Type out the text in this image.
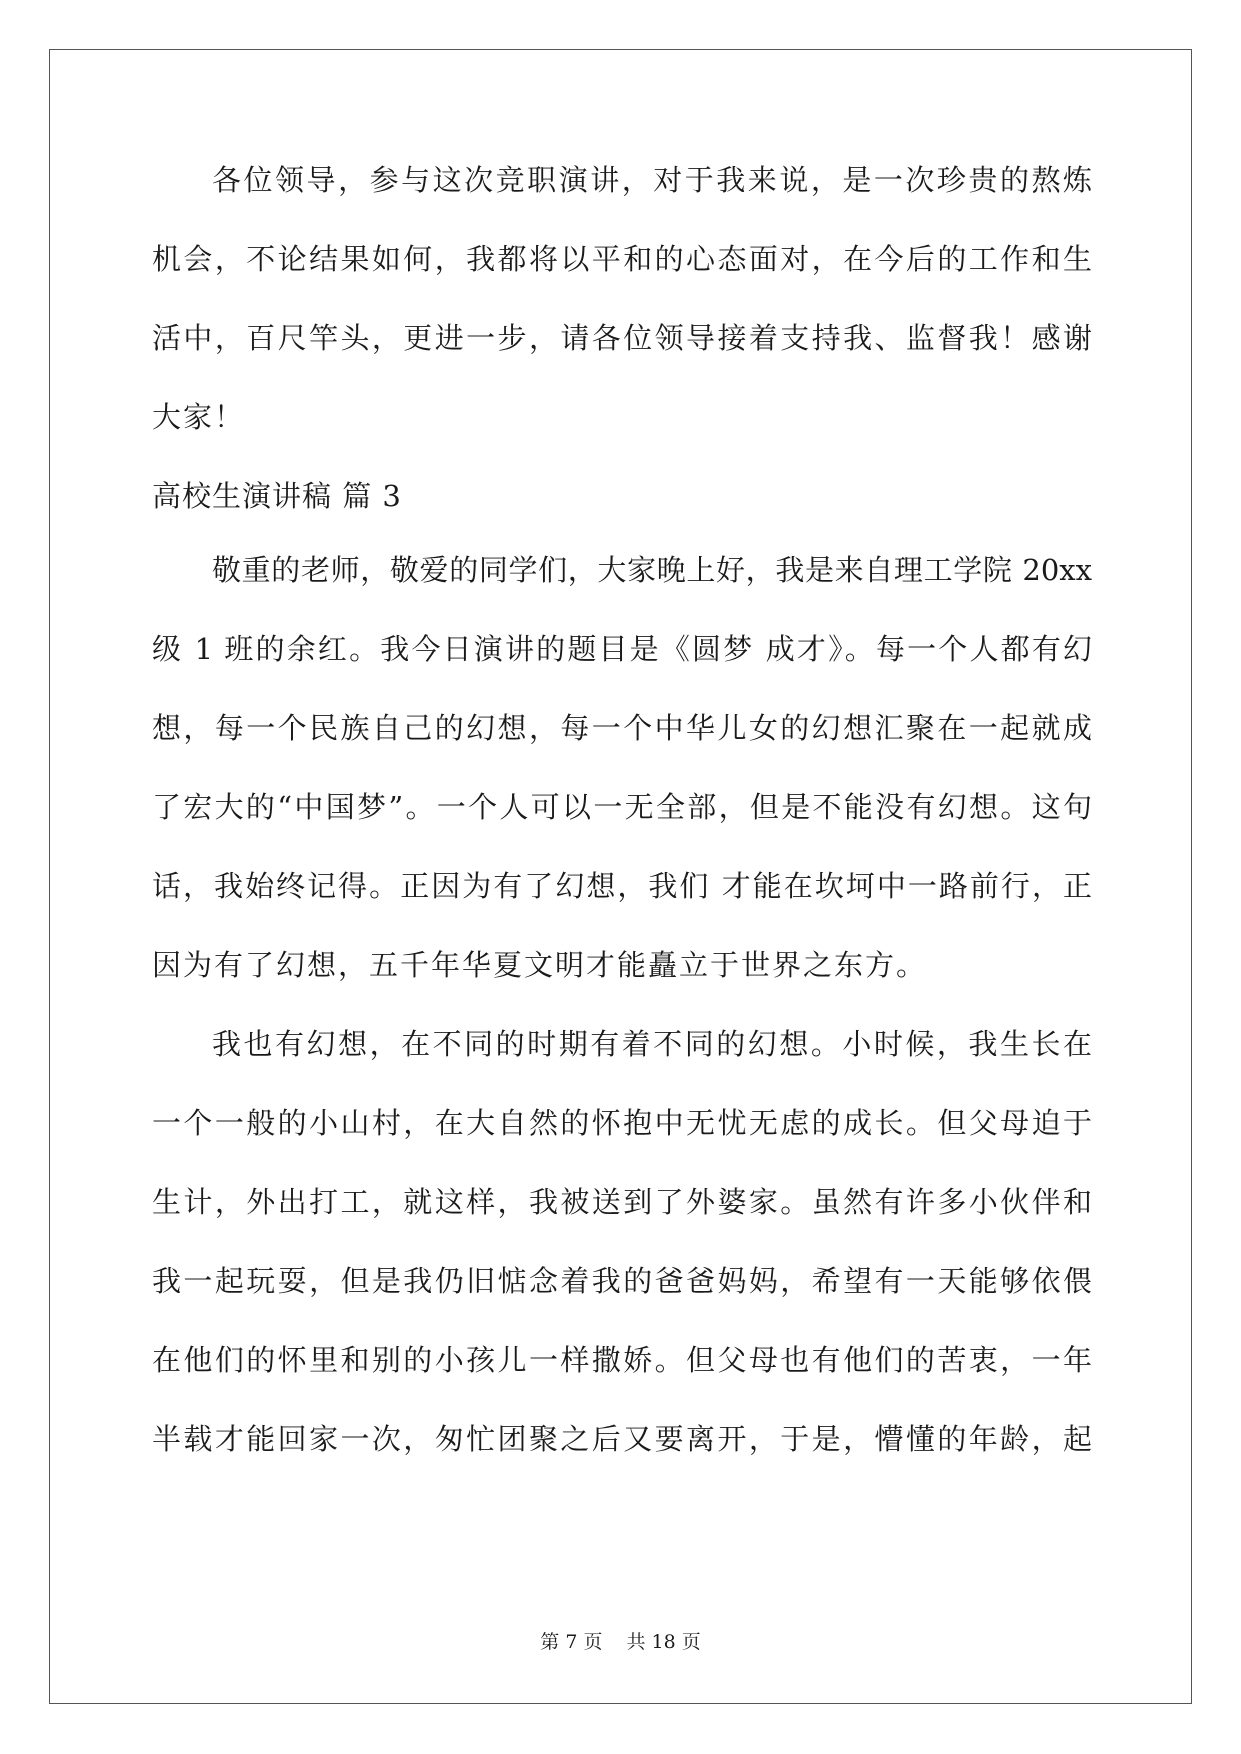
各位领导，参与这次竞职演讲，对于我来说，是一次珍贵的熬炼
机会，不论结果如何，我都将以平和的心态面对，在今后的工作和生
活中，百尺竿头，更进一步，请各位领导接着支持我、监督我！感谢
大家！
高校生演讲稿 篇 3
敬重的老师，敬爱的同学们，大家晚上好，我是来自理工学院 20xx
级 1 班的余红。我今日演讲的题目是《圆梦 成才》。每一个人都有幻
想，每一个民族自己的幻想，每一个中华儿女的幻想汇聚在一起就成
了宏大的“中国梦”。一个人可以一无全部，但是不能没有幻想。这句
话，我始终记得。正因为有了幻想，我们 才能在坎坷中一路前行，正
因为有了幻想，五千年华夏文明才能矗立于世界之东方。
我也有幻想，在不同的时期有着不同的幻想。小时候，我生长在
一个一般的小山村，在大自然的怀抱中无忧无虑的成长。但父母迫于
生计，外出打工，就这样，我被送到了外婆家。虽然有许多小伙伴和
我一起玩耍，但是我仍旧惦念着我的爸爸妈妈，希望有一天能够依偎
在他们的怀里和别的小孩儿一样撒娇。但父母也有他们的苦衷，一年
半载才能回家一次，匆忙团聚之后又要离开，于是，懵懂的年龄，起
第 7 页 共 18 页
